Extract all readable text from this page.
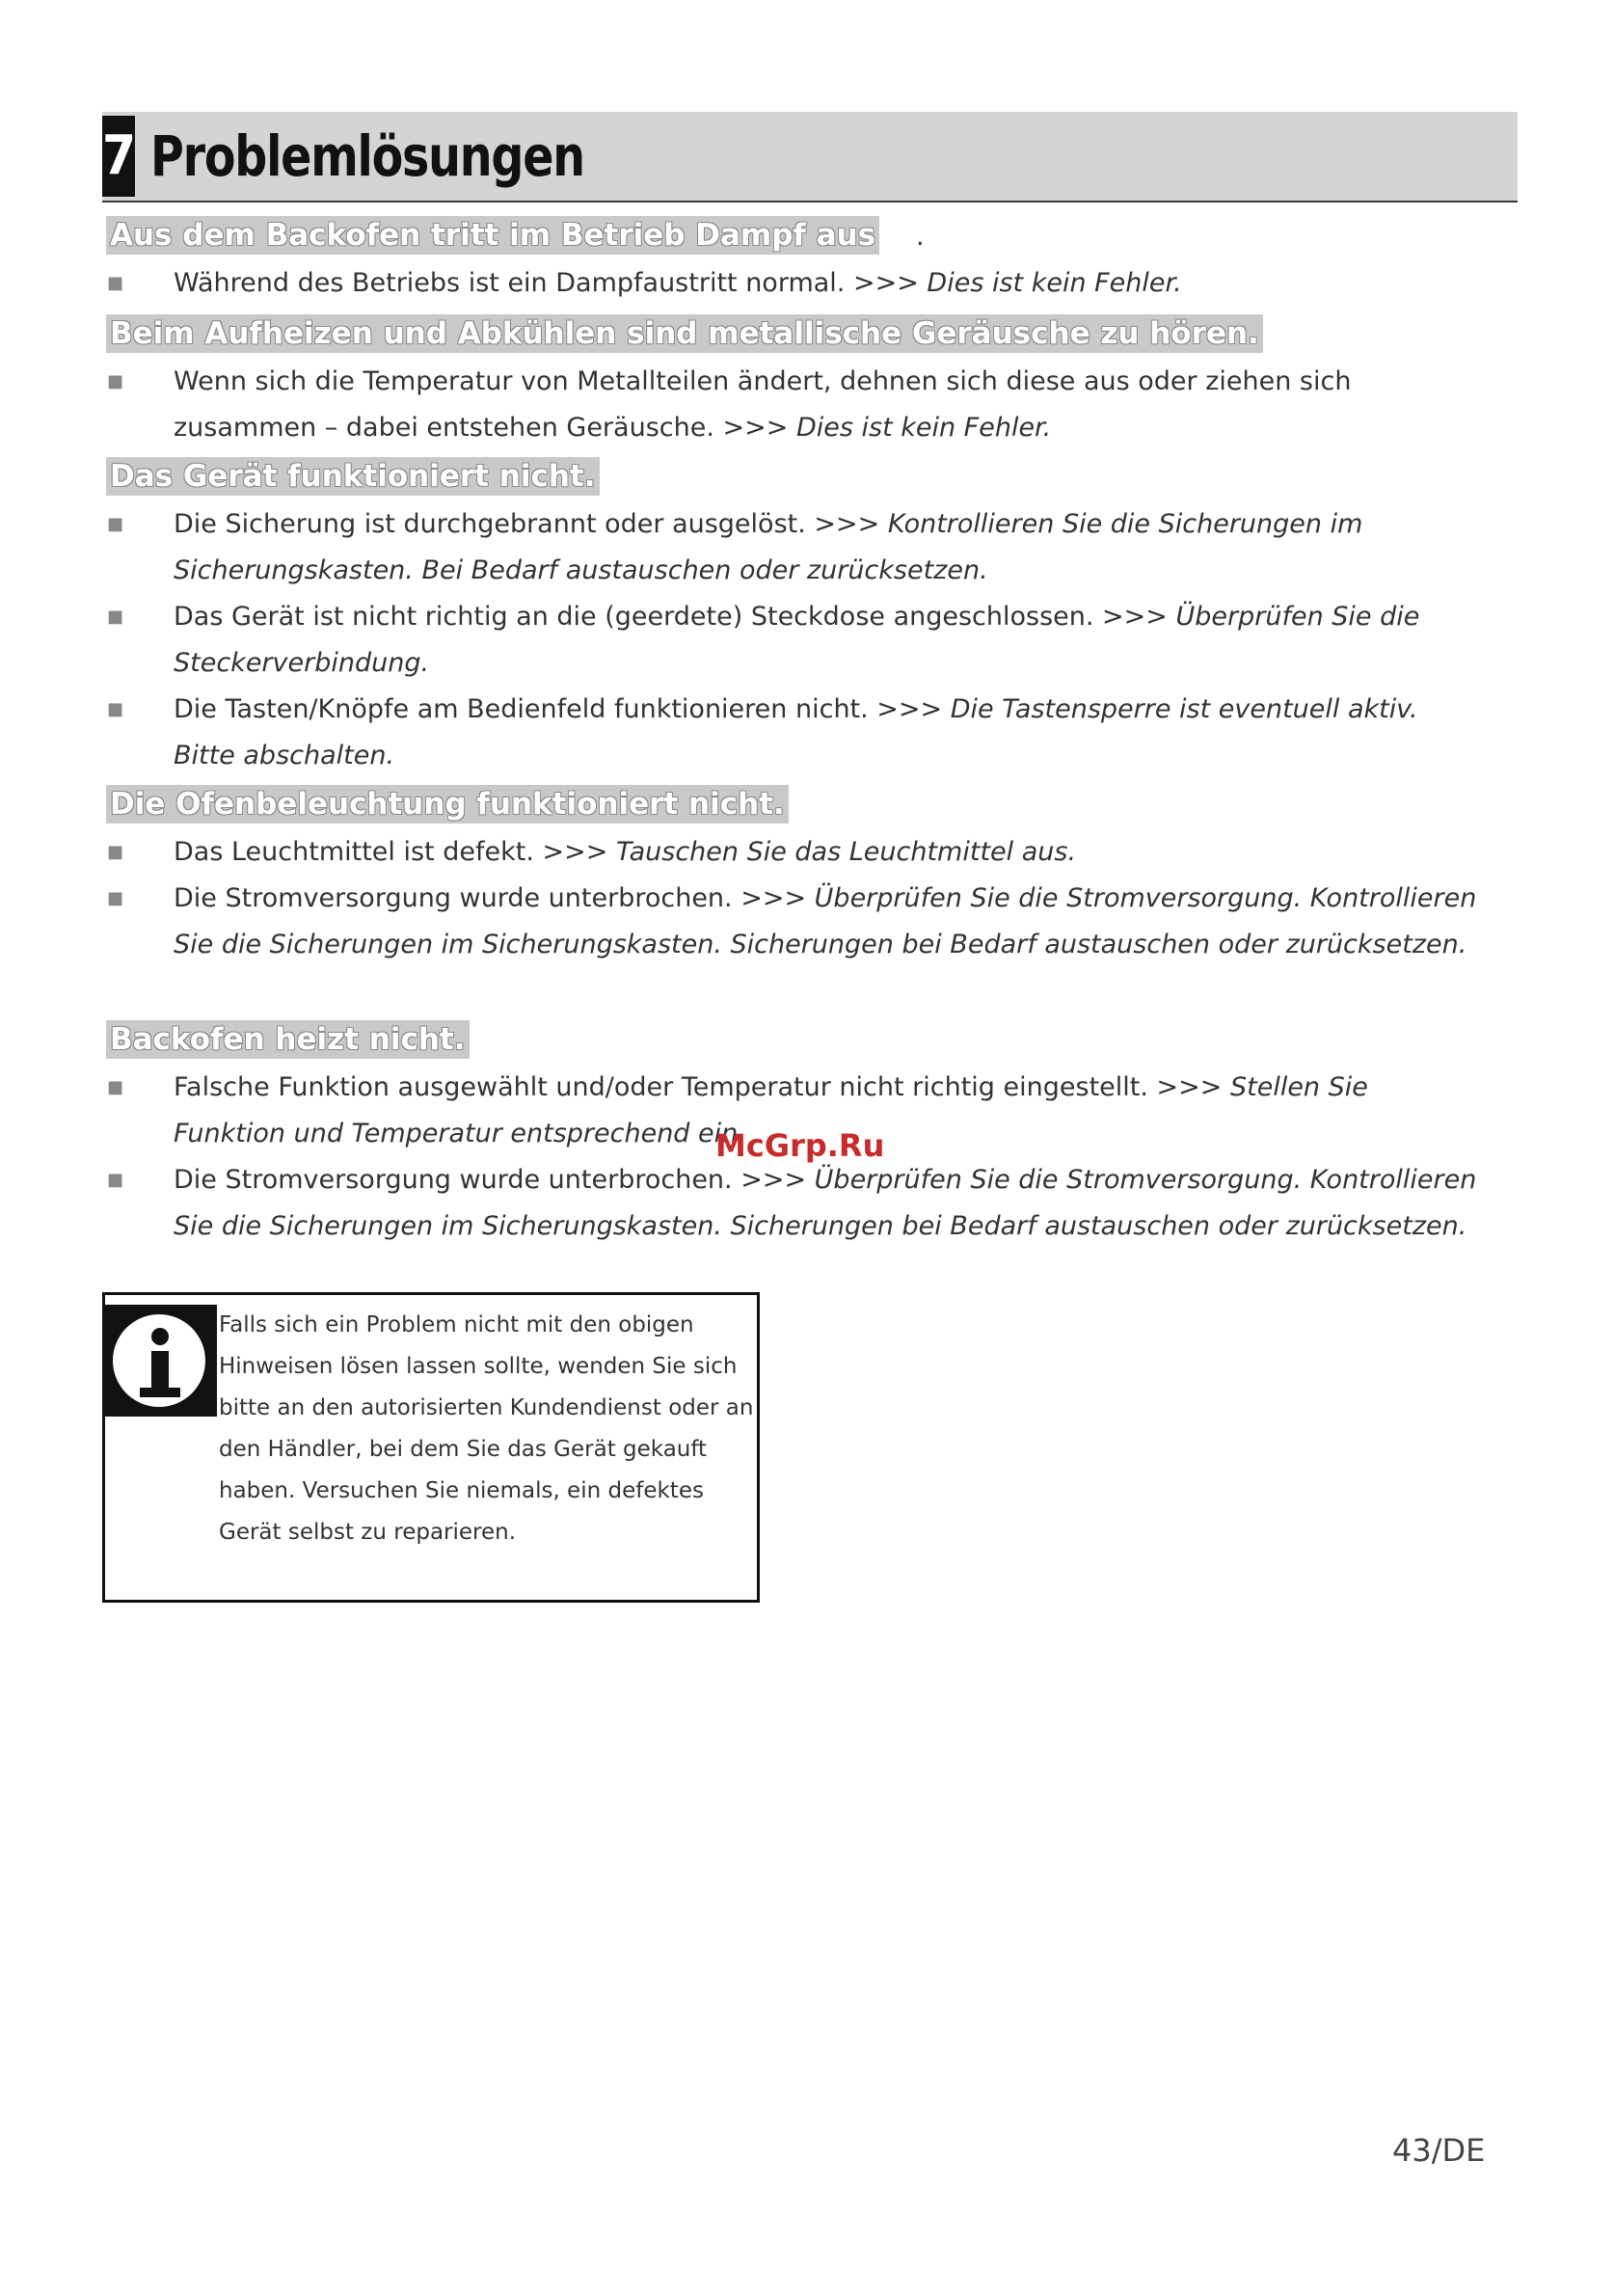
7 Problemlösungen
Aus dem Backofen tritt im Betrieb Dampf aus .
■ Während des Betriebs ist ein Dampfaustritt normal. >>> Dies ist kein Fehler.
Beim Aufheizen und Abkühlen sind metallische Geräusche zu hören.
■ Wenn sich die Temperatur von Metallteilen ändert, dehnen sich diese aus oder ziehen sich zusammen – dabei entstehen Geräusche. >>> Dies ist kein Fehler.
Das Gerät funktioniert nicht.
■ Die Sicherung ist durchgebrannt oder ausgelöst. >>> Kontrollieren Sie die Sicherungen im Sicherungskasten. Bei Bedarf austauschen oder zurücksetzen.
■ Das Gerät ist nicht richtig an die (geerdete) Steckdose angeschlossen. >>> Überprüfen Sie die Steckerverbindung.
■ Die Tasten/Knöpfe am Bedienfeld funktionieren nicht. >>> Die Tastensperre ist eventuell aktiv. Bitte abschalten.
Die Ofenbeleuchtung funktioniert nicht.
■ Das Leuchtmittel ist defekt. >>> Tauschen Sie das Leuchtmittel aus.
■ Die Stromversorgung wurde unterbrochen. >>> Überprüfen Sie die Stromversorgung. Kontrollieren Sie die Sicherungen im Sicherungskasten. Sicherungen bei Bedarf austauschen oder zurücksetzen.
Backofen heizt nicht.
■ Falsche Funktion ausgewählt und/oder Temperatur nicht richtig eingestellt. >>> Stellen Sie Funktion und Temperatur entsprechend ein.
■ Die Stromversorgung wurde unterbrochen. >>> Überprüfen Sie die Stromversorgung. Kontrollieren Sie die Sicherungen im Sicherungskasten. Sicherungen bei Bedarf austauschen oder zurücksetzen.
McGrp.Ru
Falls sich ein Problem nicht mit den obigen Hinweisen lösen lassen sollte, wenden Sie sich bitte an den autorisierten Kundendienst oder an den Händler, bei dem Sie das Gerät gekauft haben. Versuchen Sie niemals, ein defektes Gerät selbst zu reparieren.
43/DE
